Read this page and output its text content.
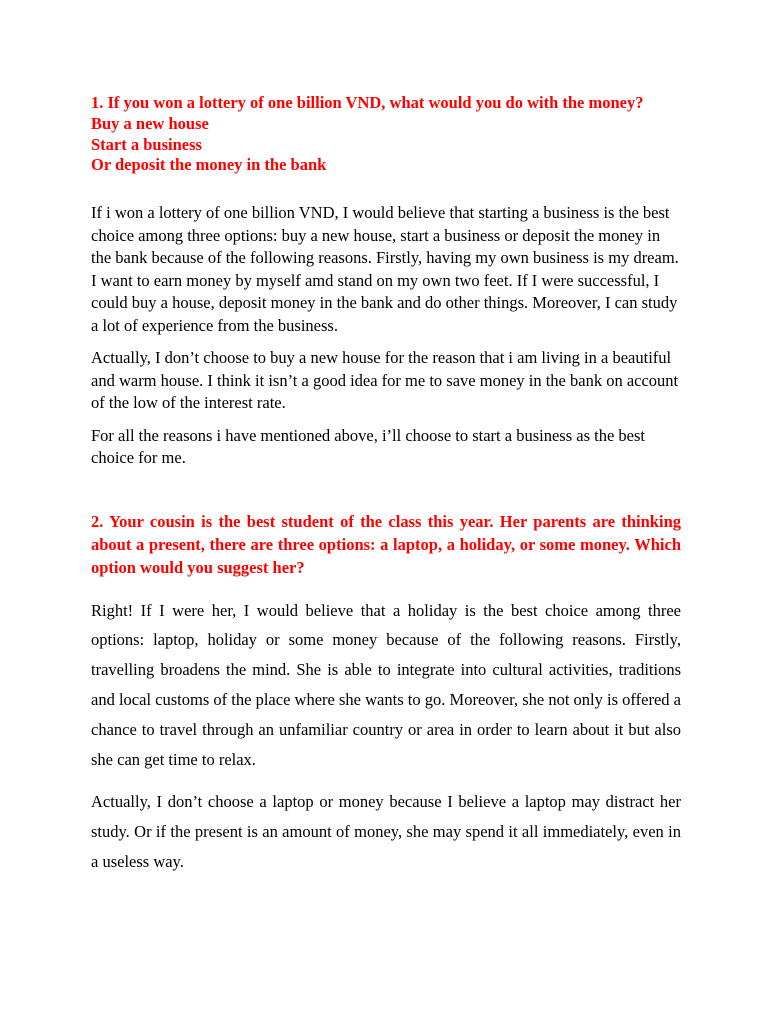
1. If you won a lottery of one billion VND, what would you do with the money?
Buy a new house
Start a business
Or deposit the money in the bank

If i won a lottery of one billion VND, I would believe that starting a business is the best choice among three options: buy a new house, start a business or deposit the money in the bank because of the following reasons. Firstly, having my own business is my dream. I want to earn money by myself amd stand on my own two feet. If I were successful, I could buy a house, deposit money in the bank and do other things. Moreover, I can study a lot of experience from the business.

Actually, I don’t choose to buy a new house for the reason that i am living in a beautiful and warm house. I think it isn’t a good idea for me to save money in the bank on account of the low of the interest rate.

For all the reasons i have mentioned above, i’ll choose to start a business as the best choice for me.

2. Your cousin is the best student of the class this year. Her parents are thinking about a present, there are three options: a laptop, a holiday, or some money. Which option would you suggest her?

Right! If I were her, I would believe that a holiday is the best choice among three options: laptop, holiday or some money because of the following reasons. Firstly, travelling broadens the mind. She is able to integrate into cultural activities, traditions and local customs of the place where she wants to go. Moreover, she not only is offered a chance to travel through an unfamiliar country or area in order to learn about it but also she can get time to relax.

Actually, I don’t choose a laptop or money because I believe a laptop may distract her study. Or if the present is an amount of money, she may spend it all immediately, even in a useless way.
